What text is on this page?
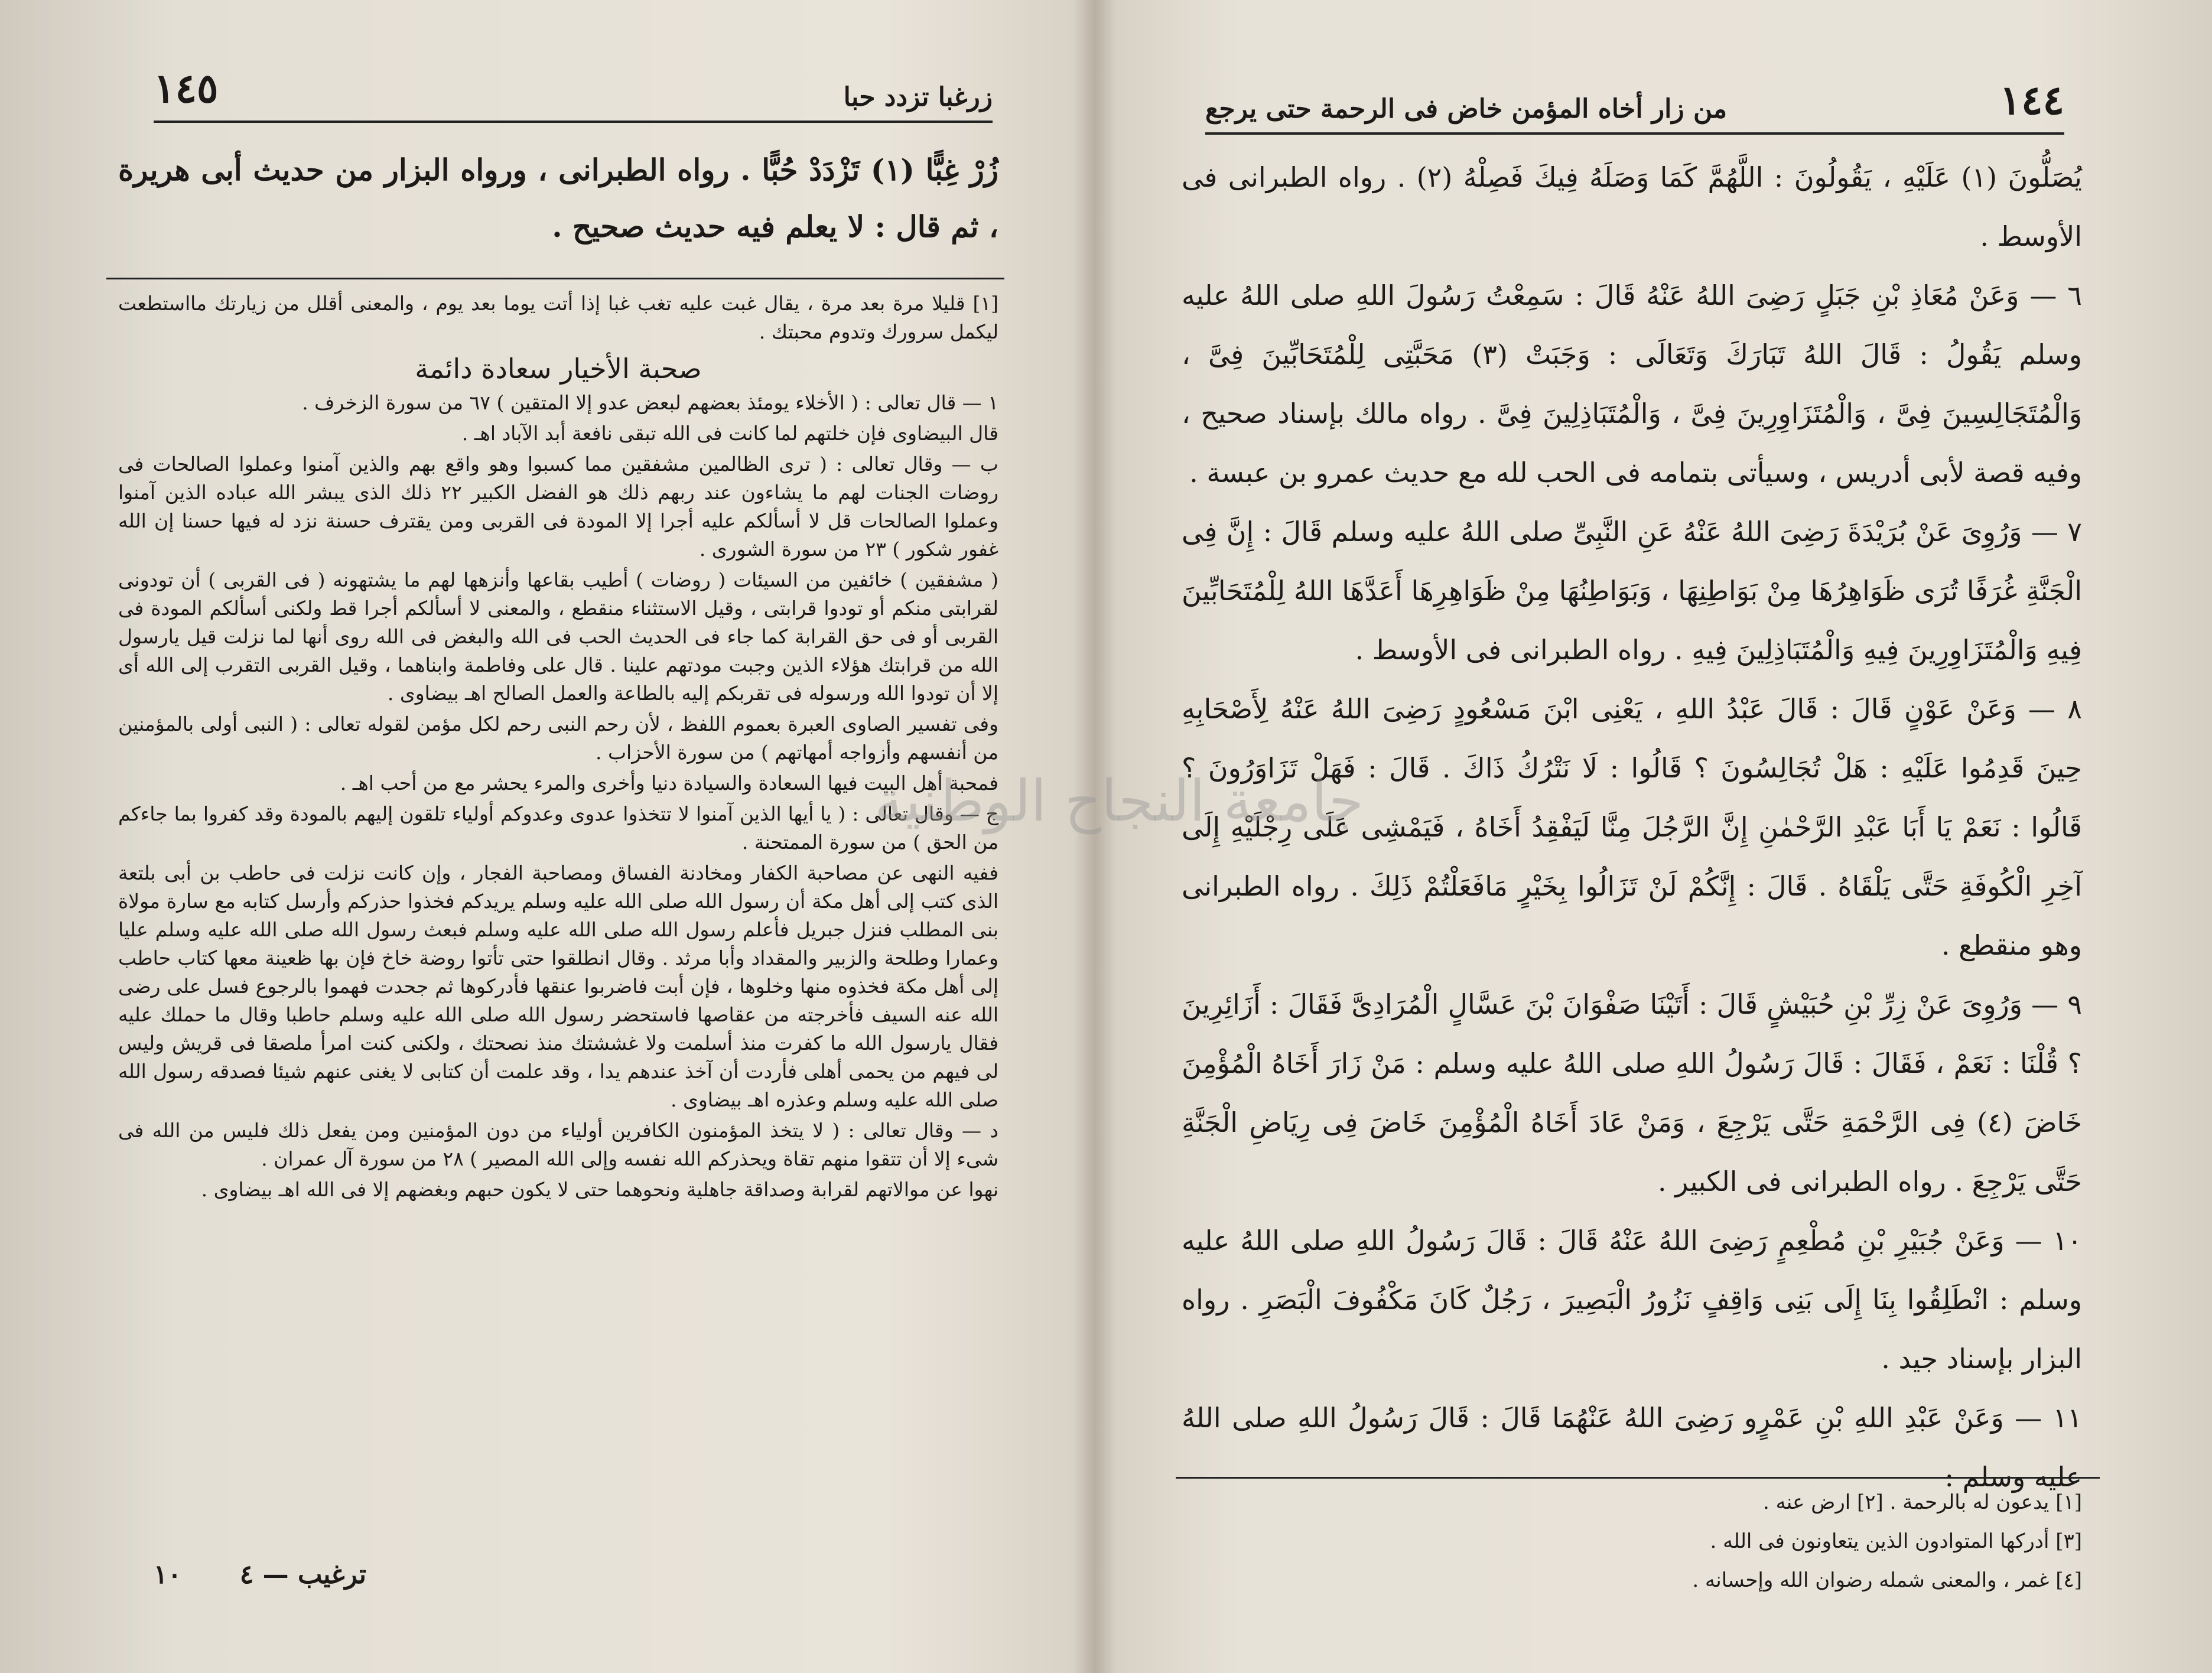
زرغبا تزدد حبا
١٤٥
زُرْ غِبًّا (١) تَزْدَدْ حُبًّا . رواه الطبرانى ، ورواه البزار من حديث أبى هريرة ، ثم قال : لا يعلم فيه حديث صحيح .

[١] قليلا مرة بعد مرة ، يقال غبت عليه تغب غبا إذا أتت يوما بعد يوم ، والمعنى أقلل من زيارتك مااستطعت ليكمل سرورك وتدوم محبتك .

صحبة الأخيار سعادة دائمة

١ — قال تعالى : ( الأخلاء يومئذ بعضهم لبعض عدو إلا المتقين ) ٦٧ من سورة الزخرف .

قال البيضاوى فإن خلتهم لما كانت فى الله تبقى نافعة أبد الآباد اهـ .

ب — وقال تعالى : ( ترى الظالمين مشفقين مما كسبوا وهو واقع بهم والذين آمنوا وعملوا الصالحات فى روضات الجنات لهم ما يشاءون عند ربهم ذلك هو الفضل الكبير ٢٢ ذلك الذى يبشر الله عباده الذين آمنوا وعملوا الصالحات قل لا أسألكم عليه أجرا إلا المودة فى القربى ومن يقترف حسنة نزد له فيها حسنا إن الله غفور شكور ) ٢٣ من سورة الشورى .

( مشفقين ) خائفين من السيئات ( روضات ) أطيب بقاعها وأنزهها لهم ما يشتهونه ( فى القربى ) أن تودونى لقرابتى منكم أو تودوا قرابتى ، وقيل الاستثناء منقطع ، والمعنى لا أسألكم أجرا قط ولكنى أسألكم المودة فى القربى أو فى حق القرابة كما جاء فى الحديث الحب فى الله والبغض فى الله روى أنها لما نزلت قيل يارسول الله من قرابتك هؤلاء الذين وجبت مودتهم علينا . قال على وفاطمة وابناهما ، وقيل القربى التقرب إلى الله أى إلا أن تودوا الله ورسوله فى تقربكم إليه بالطاعة والعمل الصالح اهـ بيضاوى .

وفى تفسير الصاوى العبرة بعموم اللفظ ، لأن رحم النبى رحم لكل مؤمن لقوله تعالى : ( النبى أولى بالمؤمنين من أنفسهم وأزواجه أمهاتهم ) من سورة الأحزاب .

فمحبة أهل البيت فيها السعادة والسيادة دنيا وأخرى والمرء يحشر مع من أحب اهـ .

ج — وقال تعالى : ( يا أيها الذين آمنوا لا تتخذوا عدوى وعدوكم أولياء تلقون إليهم بالمودة وقد كفروا بما جاءكم من الحق ) من سورة الممتحنة .

ففيه النهى عن مصاحبة الكفار ومخادنة الفساق ومصاحبة الفجار ، وإن كانت نزلت فى حاطب بن أبى بلتعة الذى كتب إلى أهل مكة أن رسول الله صلى الله عليه وسلم يريدكم فخذوا حذركم وأرسل كتابه مع سارة مولاة بنى المطلب فنزل جبريل فأعلم رسول الله صلى الله عليه وسلم فبعث رسول الله صلى الله عليه وسلم عليا وعمارا وطلحة والزبير والمقداد وأبا مرثد . وقال انطلقوا حتى تأتوا روضة خاخ فإن بها ظعينة معها كتاب حاطب إلى أهل مكة فخذوه منها وخلوها ، فإن أبت فاضربوا عنقها فأدركوها ثم جحدت فهموا بالرجوع فسل على رضى الله عنه السيف فأخرجته من عقاصها فاستحضر رسول الله صلى الله عليه وسلم حاطبا وقال ما حملك عليه فقال يارسول الله ما كفرت منذ أسلمت ولا غششتك منذ نصحتك ، ولكنى كنت امرأ ملصقا فى قريش وليس لى فيهم من يحمى أهلى فأردت أن آخذ عندهم يدا ، وقد علمت أن كتابى لا يغنى عنهم شيئا فصدقه رسول الله صلى الله عليه وسلم وعذره اهـ بيضاوى .

د — وقال تعالى : ( لا يتخذ المؤمنون الكافرين أولياء من دون المؤمنين ومن يفعل ذلك فليس من الله فى شىء إلا أن تتقوا منهم تقاة ويحذركم الله نفسه وإلى الله المصير ) ٢٨ من سورة آل عمران .

نهوا عن موالاتهم لقرابة وصداقة جاهلية ونحوهما حتى لا يكون حبهم وبغضهم إلا فى الله اهـ بيضاوى .

ترغيب — ٤
١٠
١٤٤
من زار أخاه المؤمن خاض فى الرحمة حتى يرجع

يُصَلُّونَ (١) عَلَيْهِ ، يَقُولُونَ : اللَّهُمَّ كَمَا وَصَلَهُ فِيكَ فَصِلْهُ (٢) . رواه الطبرانى فى الأوسط .

٦ — وَعَنْ مُعَاذِ بْنِ جَبَلٍ رَضِىَ اللهُ عَنْهُ قَالَ : سَمِعْتُ رَسُولَ اللهِ صلى اللهُ عليه وسلم يَقُولُ : قَالَ اللهُ تَبَارَكَ وَتَعَالَى : وَجَبَتْ (٣) مَحَبَّتِى لِلْمُتَحَابِّينَ فِىَّ ، وَالْمُتَجَالِسِينَ فِىَّ ، وَالْمُتَزَاوِرِينَ فِىَّ ، وَالْمُتَبَاذِلِينَ فِىَّ . رواه مالك بإسناد صحيح ، وفيه قصة لأبى أدريس ، وسيأتى بتمامه فى الحب لله مع حديث عمرو بن عبسة .

٧ — وَرُوِىَ عَنْ بُرَيْدَةَ رَضِىَ اللهُ عَنْهُ عَنِ النَّبِىِّ صلى اللهُ عليه وسلم قَالَ : إِنَّ فِى الْجَنَّةِ غُرَفًا تُرَى ظَوَاهِرُهَا مِنْ بَوَاطِنِهَا ، وَبَوَاطِنُهَا مِنْ ظَوَاهِرِهَا أَعَدَّهَا اللهُ لِلْمُتَحَابِّينَ فِيهِ وَالْمُتَزَاوِرِينَ فِيهِ وَالْمُتَبَاذِلِينَ فِيهِ . رواه الطبرانى فى الأوسط .

٨ — وَعَنْ عَوْنٍ قَالَ : قَالَ عَبْدُ اللهِ ، يَعْنِى ابْنَ مَسْعُودٍ رَضِىَ اللهُ عَنْهُ لِأَصْحَابِهِ حِينَ قَدِمُوا عَلَيْهِ : هَلْ تُجَالِسُونَ ؟ قَالُوا : لَا نَتْرُكُ ذَاكَ . قَالَ : فَهَلْ تَزَاوَرُونَ ؟ قَالُوا : نَعَمْ يَا أَبَا عَبْدِ الرَّحْمٰنِ إِنَّ الرَّجُلَ مِنَّا لَيَفْقِدُ أَخَاهُ ، فَيَمْشِى عَلَى رِجْلَيْهِ إِلَى آخِرِ الْكُوفَةِ حَتَّى يَلْقَاهُ . قَالَ : إِنَّكُمْ لَنْ تَزَالُوا بِخَيْرٍ مَافَعَلْتُمْ ذَلِكَ . رواه الطبرانى وهو منقطع .

٩ — وَرُوِىَ عَنْ زِرِّ بْنِ حُبَيْشٍ قَالَ : أَتَيْنَا صَفْوَانَ بْنَ عَسَّالٍ الْمُرَادِىَّ فَقَالَ : أَزَائِرِينَ ؟ قُلْنَا : نَعَمْ ، فَقَالَ : قَالَ رَسُولُ اللهِ صلى اللهُ عليه وسلم : مَنْ زَارَ أَخَاهُ الْمُؤْمِنَ خَاضَ (٤) فِى الرَّحْمَةِ حَتَّى يَرْجِعَ ، وَمَنْ عَادَ أَخَاهُ الْمُؤْمِنَ خَاضَ فِى رِيَاضِ الْجَنَّةِ حَتَّى يَرْجِعَ . رواه الطبرانى فى الكبير .

١٠ — وَعَنْ جُبَيْرِ بْنِ مُطْعِمٍ رَضِىَ اللهُ عَنْهُ قَالَ : قَالَ رَسُولُ اللهِ صلى اللهُ عليه وسلم : انْطَلِقُوا بِنَا إِلَى بَنِى وَاقِفٍ نَزُورُ الْبَصِيرَ ، رَجُلٌ كَانَ مَكْفُوفَ الْبَصَرِ . رواه البزار بإسناد جيد .

١١ — وَعَنْ عَبْدِ اللهِ بْنِ عَمْرٍو رَضِىَ اللهُ عَنْهُمَا قَالَ : قَالَ رَسُولُ اللهِ صلى اللهُ عليه وسلم :

[١] يدعون له بالرحمة . [٢] ارض عنه .

[٣] أدركها المتوادون الذين يتعاونون فى الله .

[٤] غمر ، والمعنى شمله رضوان الله وإحسانه .

جامعة النجاح الوطنية
